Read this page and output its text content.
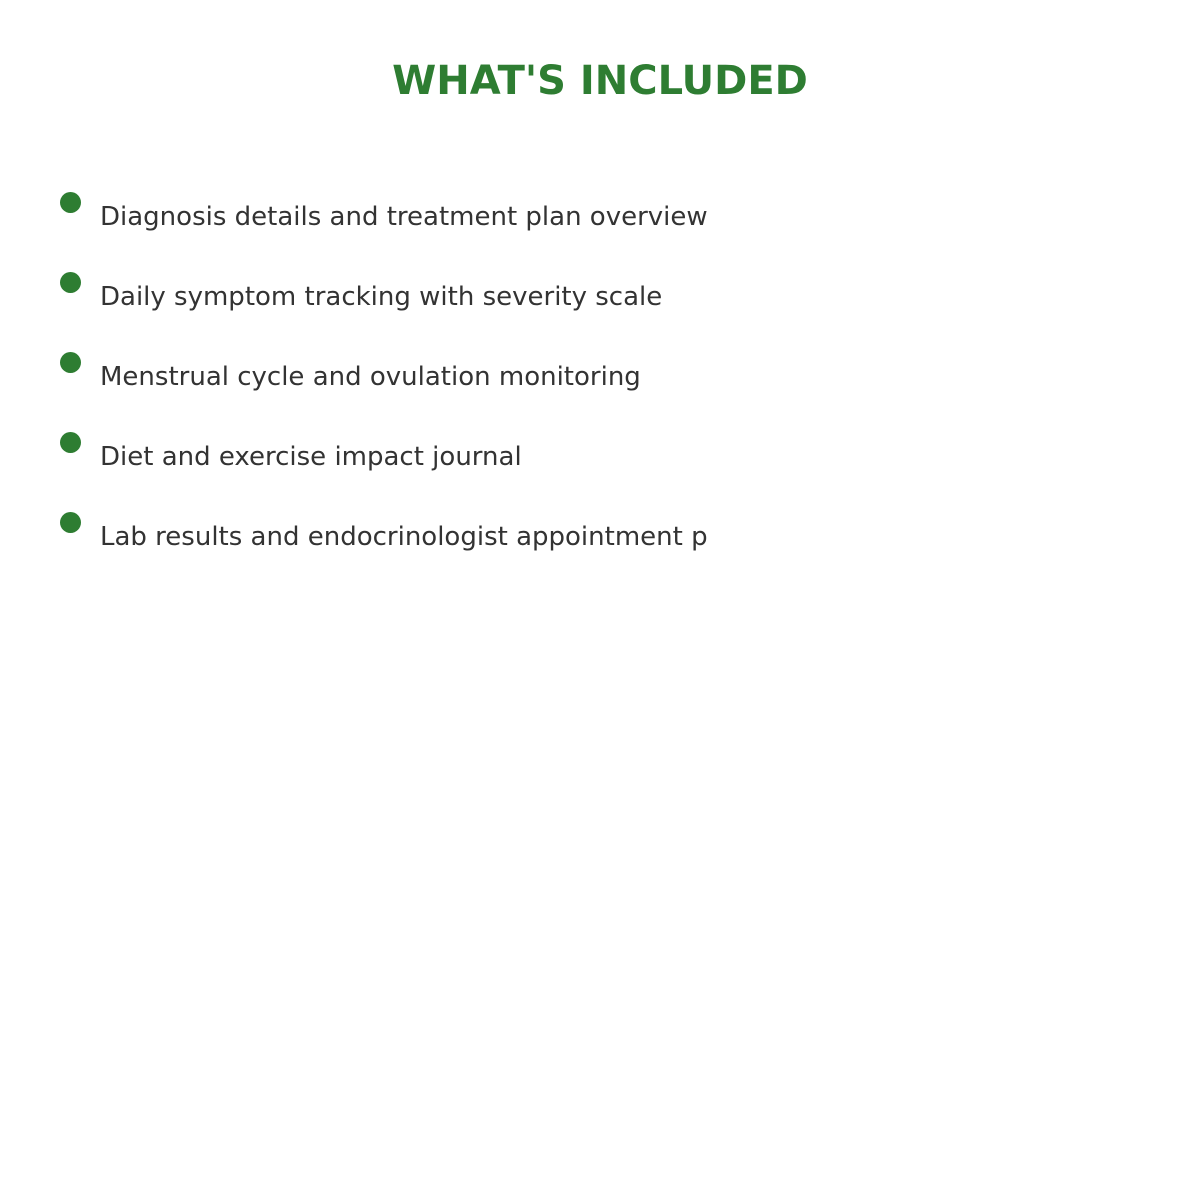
WHAT'S INCLUDED
Diagnosis details and treatment plan overview
Daily symptom tracking with severity scale
Menstrual cycle and ovulation monitoring
Diet and exercise impact journal
Lab results and endocrinologist appointment p
